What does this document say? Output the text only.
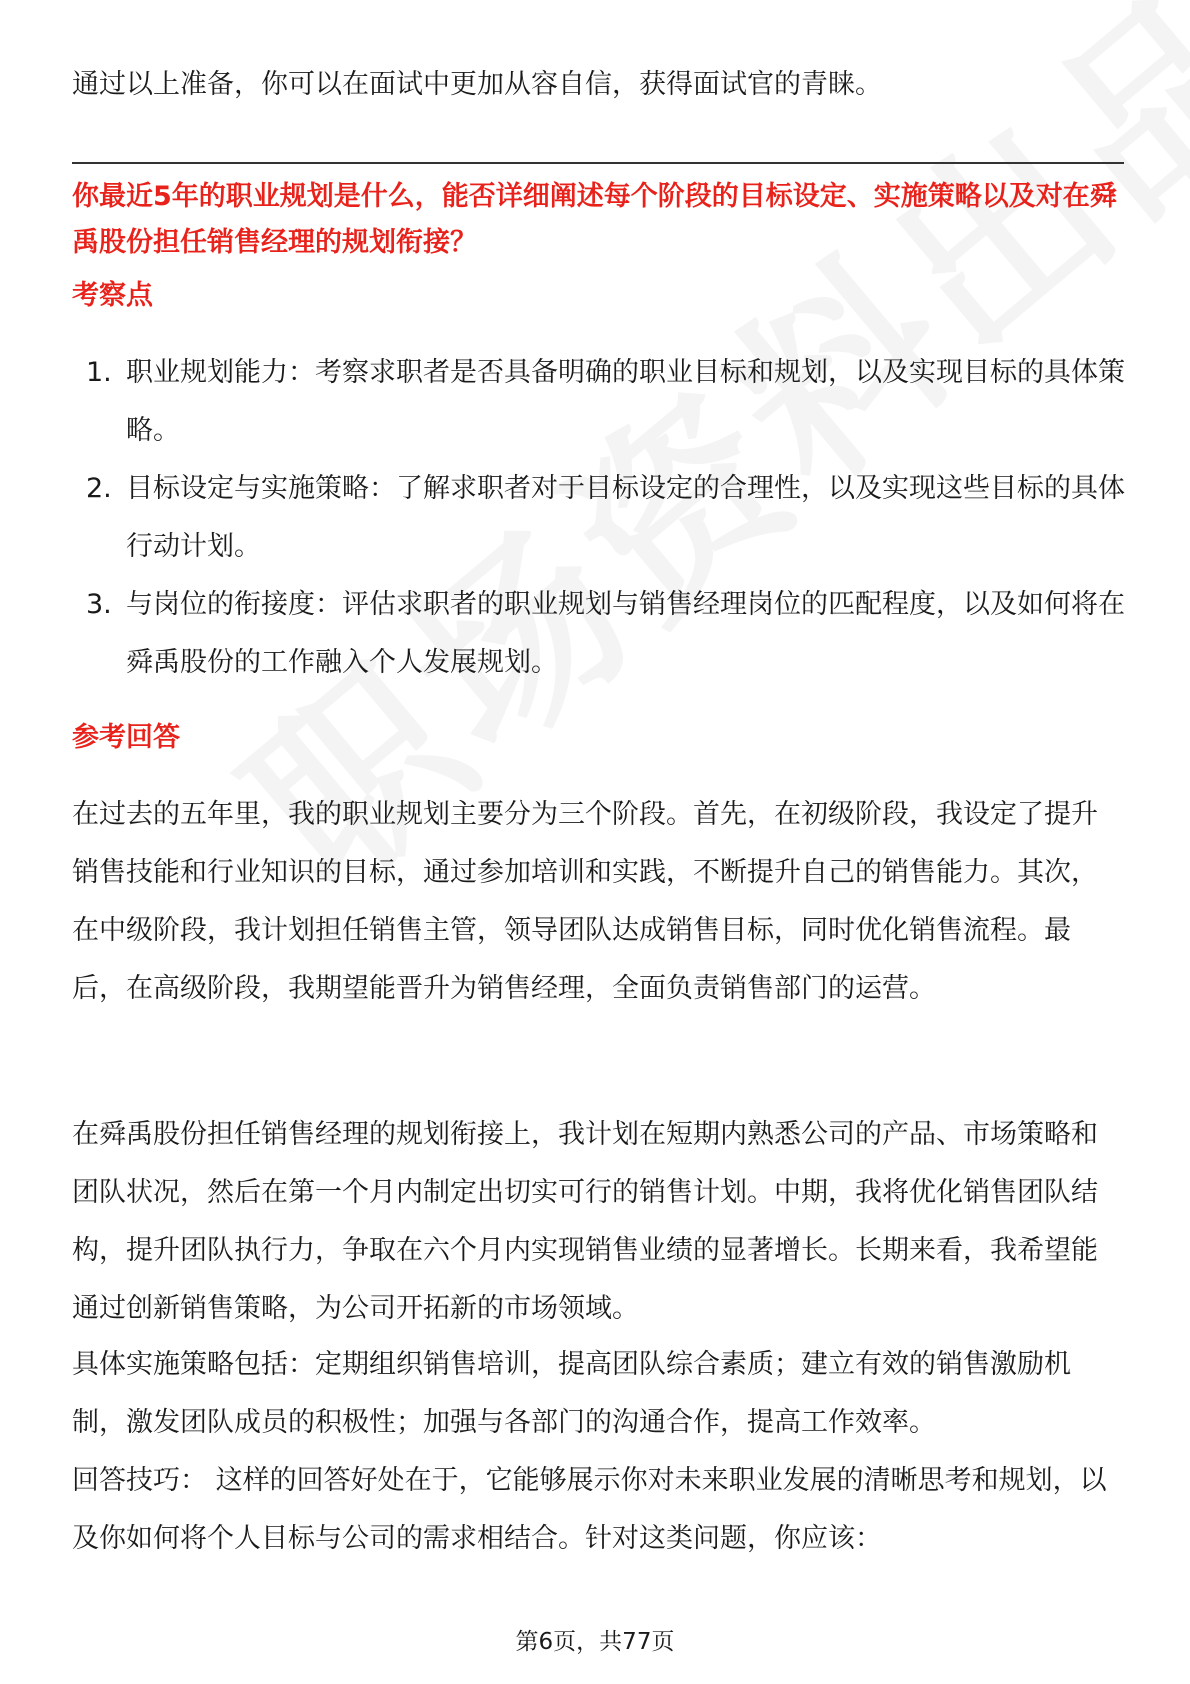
通过以上准备，你可以在面试中更加从容自信，获得面试官的青睐。

你最近5年的职业规划是什么，能否详细阐述每个阶段的目标设定、实施策略以及对在舜禹股份担任销售经理的规划衔接？
考察点
1. 职业规划能力：考察求职者是否具备明确的职业目标和规划，以及实现目标的具体策略。
2. 目标设定与实施策略：了解求职者对于目标设定的合理性，以及实现这些目标的具体行动计划。
3. 与岗位的衔接度：评估求职者的职业规划与销售经理岗位的匹配程度，以及如何将在舜禹股份的工作融入个人发展规划。
参考回答

在过去的五年里，我的职业规划主要分为三个阶段。首先，在初级阶段，我设定了提升销售技能和行业知识的目标，通过参加培训和实践，不断提升自己的销售能力。其次，在中级阶段，我计划担任销售主管，领导团队达成销售目标，同时优化销售流程。最后，在高级阶段，我期望能晋升为销售经理，全面负责销售部门的运营。

在舜禹股份担任销售经理的规划衔接上，我计划在短期内熟悉公司的产品、市场策略和团队状况，然后在第一个月内制定出切实可行的销售计划。中期，我将优化销售团队结构，提升团队执行力，争取在六个月内实现销售业绩的显著增长。长期来看，我希望能通过创新销售策略，为公司开拓新的市场领域。

具体实施策略包括：定期组织销售培训，提高团队综合素质；建立有效的销售激励机制，激发团队成员的积极性；加强与各部门的沟通合作，提高工作效率。

回答技巧： 这样的回答好处在于，它能够展示你对未来职业发展的清晰思考和规划，以及你如何将个人目标与公司的需求相结合。针对这类问题，你应该：

第6页，共77页
